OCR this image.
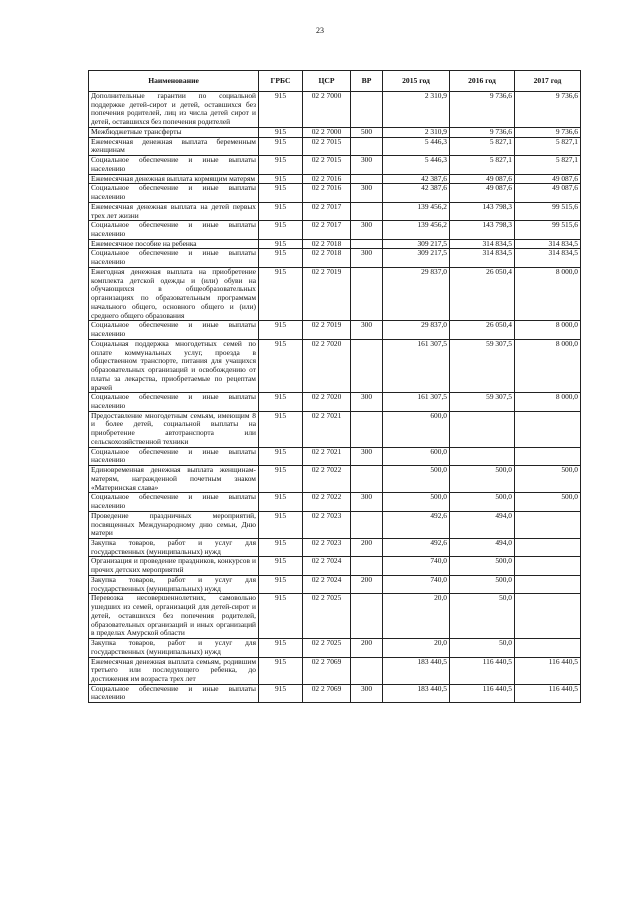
23
Наименование	ГРБС	ЦСР	ВР	2015 год	2016 год	2017 год
Дополнительные гарантии по социальной поддержке детей-сирот и детей, оставшихся без попечения родителей, лиц из числа детей сирот и детей, оставшихся без попечения родителей	915	02 2 7000		2 310,9	9 736,6	9 736,6
Межбюджетные трансферты	915	02 2 7000	500	2 310,9	9 736,6	9 736,6
Ежемесячная денежная выплата беременным женщинам	915	02 2 7015		5 446,3	5 827,1	5 827,1
Социальное обеспечение и иные выплаты населению	915	02 2 7015	300	5 446,3	5 827,1	5 827,1
Ежемесячная денежная выплата кормящим матерям	915	02 2 7016		42 387,6	49 087,6	49 087,6
Социальное обеспечение и иные выплаты населению	915	02 2 7016	300	42 387,6	49 087,6	49 087,6
Ежемесячная денежная выплата на детей первых трех лет жизни	915	02 2 7017		139 456,2	143 798,3	99 515,6
Социальное обеспечение и иные выплаты населению	915	02 2 7017	300	139 456,2	143 798,3	99 515,6
Ежемесячное пособие на ребенка	915	02 2 7018		309 217,5	314 834,5	314 834,5
Социальное обеспечение и иные выплаты населению	915	02 2 7018	300	309 217,5	314 834,5	314 834,5
Ежегодная денежная выплата на приобретение комплекта детской одежды и (или) обуви на обучающихся в общеобразовательных организациях по образовательным программам начального общего, основного общего и (или) среднего общего образования	915	02 2 7019		29 837,0	26 050,4	8 000,0
Социальное обеспечение и иные выплаты населению	915	02 2 7019	300	29 837,0	26 050,4	8 000,0
Социальная поддержка многодетных семей по оплате коммунальных услуг, проезда в общественном транспорте, питания для учащихся образовательных организаций и освобождению от платы за лекарства, приобретаемые по рецептам врачей	915	02 2 7020		161 307,5	59 307,5	8 000,0
Социальное обеспечение и иные выплаты населению	915	02 2 7020	300	161 307,5	59 307,5	8 000,0
Предоставление многодетным семьям, имеющим 8 и более детей, социальной выплаты на приобретение автотранспорта или сельскохозяйственной техники	915	02 2 7021		600,0		
Социальное обеспечение и иные выплаты населению	915	02 2 7021	300	600,0		
Единовременная денежная выплата женщинам-матерям, награжденной почетным знаком «Материнская слава»	915	02 2 7022		500,0	500,0	500,0
Социальное обеспечение и иные выплаты населению	915	02 2 7022	300	500,0	500,0	500,0
Проведение праздничных мероприятий, посвященных Международному дню семьи, Дню матери	915	02 2 7023		492,6	494,0	
Закупка товаров, работ и услуг для государственных (муниципальных) нужд	915	02 2 7023	200	492,6	494,0	
Организация и проведение праздников, конкурсов и прочих детских мероприятий	915	02 2 7024		740,0	500,0	
Закупка товаров, работ и услуг для государственных (муниципальных) нужд	915	02 2 7024	200	740,0	500,0	
Перевозка несовершеннолетних, самовольно ушедших из семей, организаций для детей-сирот и детей, оставшихся без попечения родителей, образовательных организаций и иных организаций в пределах Амурской области	915	02 2 7025		20,0	50,0	
Закупка товаров, работ и услуг для государственных (муниципальных) нужд	915	02 2 7025	200	20,0	50,0	
Ежемесячная денежная выплата семьям, родившим третьего или последующего ребенка, до достижения им возраста трех лет	915	02 2 7069		183 440,5	116 440,5	116 440,5
Социальное обеспечение и иные выплаты населению	915	02 2 7069	300	183 440,5	116 440,5	116 440,5
